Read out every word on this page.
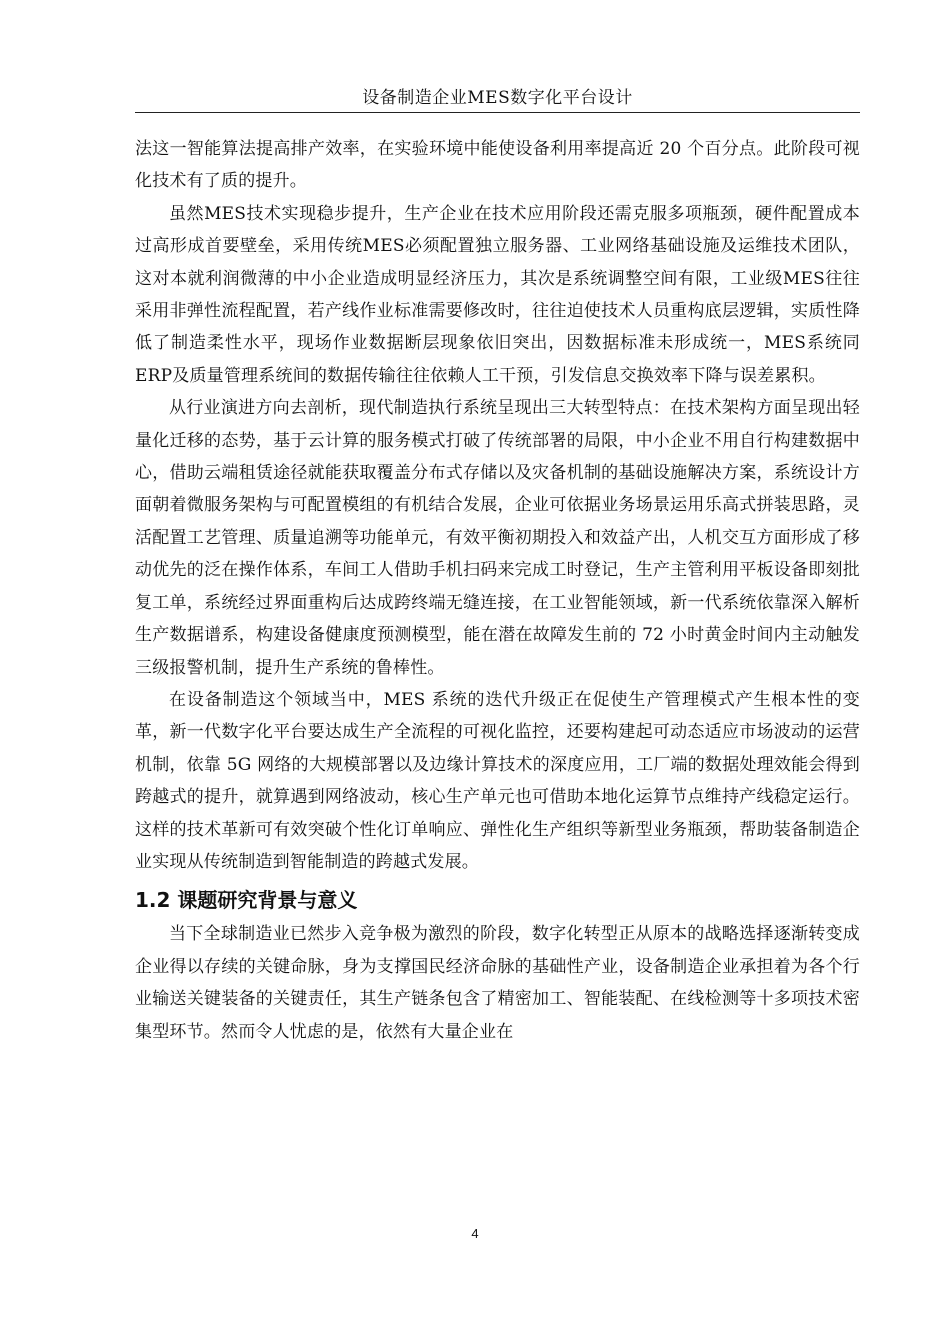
设备制造企业MES数字化平台设计

法这一智能算法提高排产效率，在实验环境中能使设备利用率提高近 20 个百分点。此阶段可视化技术有了质的提升。

虽然MES技术实现稳步提升，生产企业在技术应用阶段还需克服多项瓶颈，硬件配置成本过高形成首要壁垒，采用传统MES必须配置独立服务器、工业网络基础设施及运维技术团队，这对本就利润微薄的中小企业造成明显经济压力，其次是系统调整空间有限，工业级MES往往采用非弹性流程配置，若产线作业标准需要修改时，往往迫使技术人员重构底层逻辑，实质性降低了制造柔性水平，现场作业数据断层现象依旧突出，因数据标准未形成统一，MES系统同ERP及质量管理系统间的数据传输往往依赖人工干预，引发信息交换效率下降与误差累积。

从行业演进方向去剖析，现代制造执行系统呈现出三大转型特点：在技术架构方面呈现出轻量化迁移的态势，基于云计算的服务模式打破了传统部署的局限，中小企业不用自行构建数据中心，借助云端租赁途径就能获取覆盖分布式存储以及灾备机制的基础设施解决方案，系统设计方面朝着微服务架构与可配置模组的有机结合发展，企业可依据业务场景运用乐高式拼装思路，灵活配置工艺管理、质量追溯等功能单元，有效平衡初期投入和效益产出，人机交互方面形成了移动优先的泛在操作体系，车间工人借助手机扫码来完成工时登记，生产主管利用平板设备即刻批复工单，系统经过界面重构后达成跨终端无缝连接，在工业智能领域，新一代系统依靠深入解析生产数据谱系，构建设备健康度预测模型，能在潜在故障发生前的 72 小时黄金时间内主动触发三级报警机制，提升生产系统的鲁棒性。

在设备制造这个领域当中，MES 系统的迭代升级正在促使生产管理模式产生根本性的变革，新一代数字化平台要达成生产全流程的可视化监控，还要构建起可动态适应市场波动的运营机制，依靠 5G 网络的大规模部署以及边缘计算技术的深度应用，工厂端的数据处理效能会得到跨越式的提升，就算遇到网络波动，核心生产单元也可借助本地化运算节点维持产线稳定运行。这样的技术革新可有效突破个性化订单响应、弹性化生产组织等新型业务瓶颈，帮助装备制造企业实现从传统制造到智能制造的跨越式发展。

1.2 课题研究背景与意义

当下全球制造业已然步入竞争极为激烈的阶段，数字化转型正从原本的战略选择逐渐转变成企业得以存续的关键命脉，身为支撑国民经济命脉的基础性产业，设备制造企业承担着为各个行业输送关键装备的关键责任，其生产链条包含了精密加工、智能装配、在线检测等十多项技术密集型环节。然而令人忧虑的是，依然有大量企业在

4
